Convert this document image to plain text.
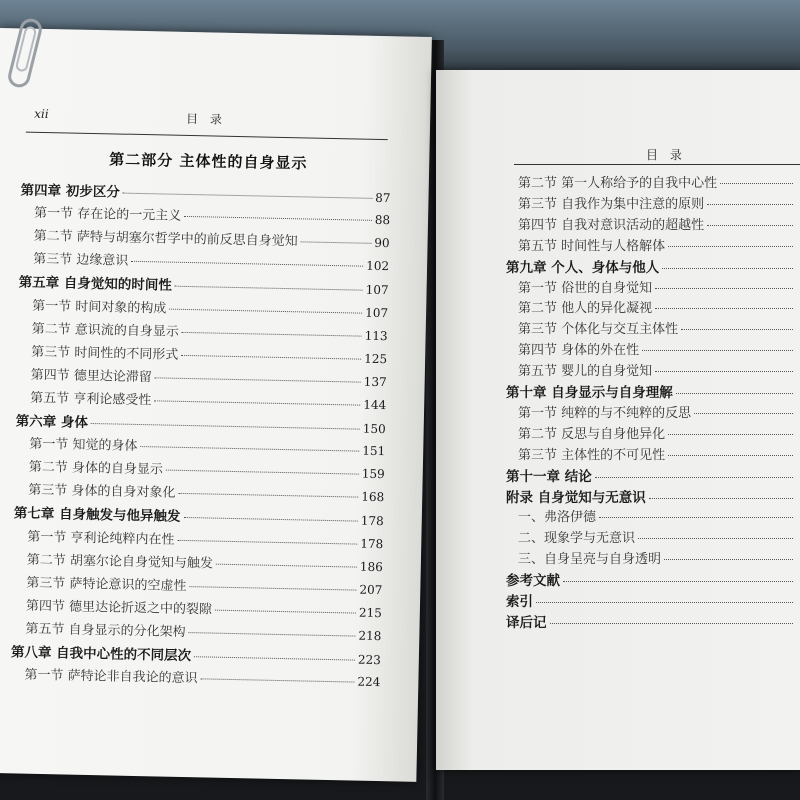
xii	目 录
第二部分 主体性的自身显示
第四章 初步区分	87
第一节 存在论的一元主义	88
第二节 萨特与胡塞尔哲学中的前反思自身觉知	90
第三节 边缘意识	102
第五章 自身觉知的时间性	107
第一节 时间对象的构成	107
第二节 意识流的自身显示	113
第三节 时间性的不同形式	125
第四节 德里达论滞留	137
第五节 亨利论感受性	144
第六章 身体	150
第一节 知觉的身体	151
第二节 身体的自身显示	159
第三节 身体的自身对象化	168
第七章 自身触发与他异触发	178
第一节 亨利论纯粹内在性	178
第二节 胡塞尔论自身觉知与触发	186
第三节 萨特论意识的空虚性	207
第四节 德里达论折返之中的裂隙	215
第五节 自身显示的分化架构	218
第八章 自我中心性的不同层次	223
第一节 萨特论非自我论的意识	224
目 录
第二节 第一人称给予的自我中心性
第三节 自我作为集中注意的原则
第四节 自我对意识活动的超越性
第五节 时间性与人格解体
第九章 个人、身体与他人
第一节 俗世的自身觉知
第二节 他人的异化凝视
第三节 个体化与交互主体性
第四节 身体的外在性
第五节 婴儿的自身觉知
第十章 自身显示与自身理解
第一节 纯粹的与不纯粹的反思
第二节 反思与自身他异化
第三节 主体性的不可见性
第十一章 结论
附录 自身觉知与无意识
一、弗洛伊德
二、现象学与无意识
三、自身呈亮与自身透明
参考文献
索引
译后记
